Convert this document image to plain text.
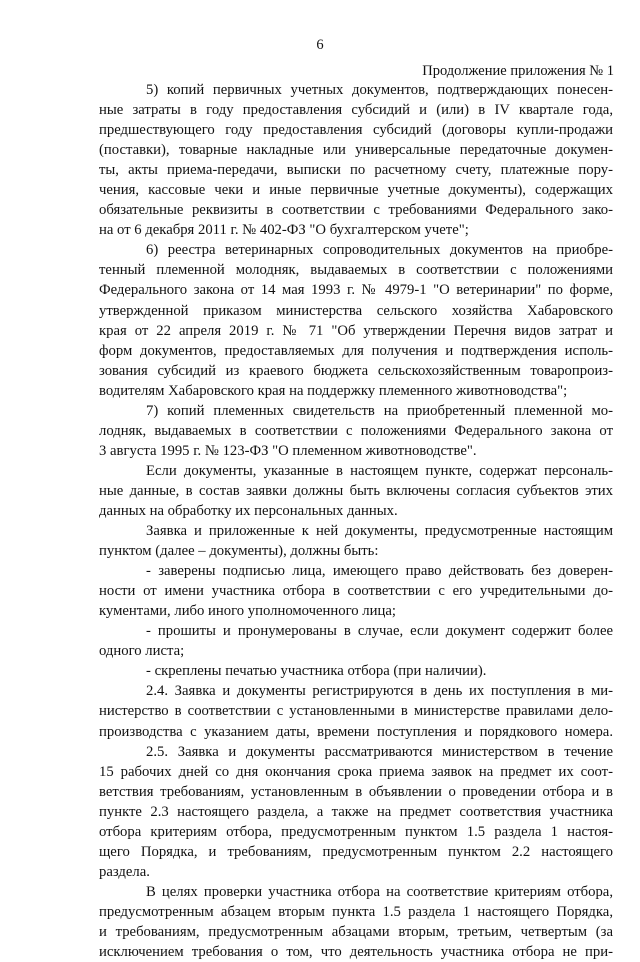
6
Продолжение приложения № 1
5) копий первичных учетных документов, подтверждающих понесен-
ные затраты в году предоставления субсидий и (или) в IV квартале года,
предшествующего году предоставления субсидий (договоры купли-продажи
(поставки), товарные накладные или универсальные передаточные докумен-
ты, акты приема-передачи, выписки по расчетному счету, платежные пору-
чения, кассовые чеки и иные первичные учетные документы), содержащих
обязательные реквизиты в соответствии с требованиями Федерального зако-
на от 6 декабря 2011 г. № 402-ФЗ "О бухгалтерском учете";
6) реестра ветеринарных сопроводительных документов на приобре-
тенный племенной молодняк, выдаваемых в соответствии с положениями
Федерального закона от 14 мая 1993 г. № 4979-1 "О ветеринарии" по форме,
утвержденной приказом министерства сельского хозяйства Хабаровского
края от 22 апреля 2019 г. № 71 "Об утверждении Перечня видов затрат и
форм документов, предоставляемых для получения и подтверждения исполь-
зования субсидий из краевого бюджета сельскохозяйственным товаропроиз-
водителям Хабаровского края на поддержку племенного животноводства";
7) копий племенных свидетельств на приобретенный племенной мо-
лодняк, выдаваемых в соответствии с положениями Федерального закона от
3 августа 1995 г. № 123-ФЗ "О племенном животноводстве".
Если документы, указанные в настоящем пункте, содержат персональ-
ные данные, в состав заявки должны быть включены согласия субъектов этих
данных на обработку их персональных данных.
Заявка и приложенные к ней документы, предусмотренные настоящим
пунктом (далее – документы), должны быть:
- заверены подписью лица, имеющего право действовать без доверен-
ности от имени участника отбора в соответствии с его учредительными до-
кументами, либо иного уполномоченного лица;
- прошиты и пронумерованы в случае, если документ содержит более
одного листа;
- скреплены печатью участника отбора (при наличии).
2.4. Заявка и документы регистрируются в день их поступления в ми-
нистерство в соответствии с установленными в министерстве правилами дело-
производства с указанием даты, времени поступления и порядкового номера.
2.5. Заявка и документы рассматриваются министерством в течение
15 рабочих дней со дня окончания срока приема заявок на предмет их соот-
ветствия требованиям, установленным в объявлении о проведении отбора и в
пункте 2.3 настоящего раздела, а также на предмет соответствия участника
отбора критериям отбора, предусмотренным пунктом 1.5 раздела 1 настоя-
щего Порядка, и требованиям, предусмотренным пунктом 2.2 настоящего
раздела.
В целях проверки участника отбора на соответствие критериям отбора,
предусмотренным абзацем вторым пункта 1.5 раздела 1 настоящего Порядка,
и требованиям, предусмотренным абзацами вторым, третьим, четвертым (за
исключением требования о том, что деятельность участника отбора не при-
